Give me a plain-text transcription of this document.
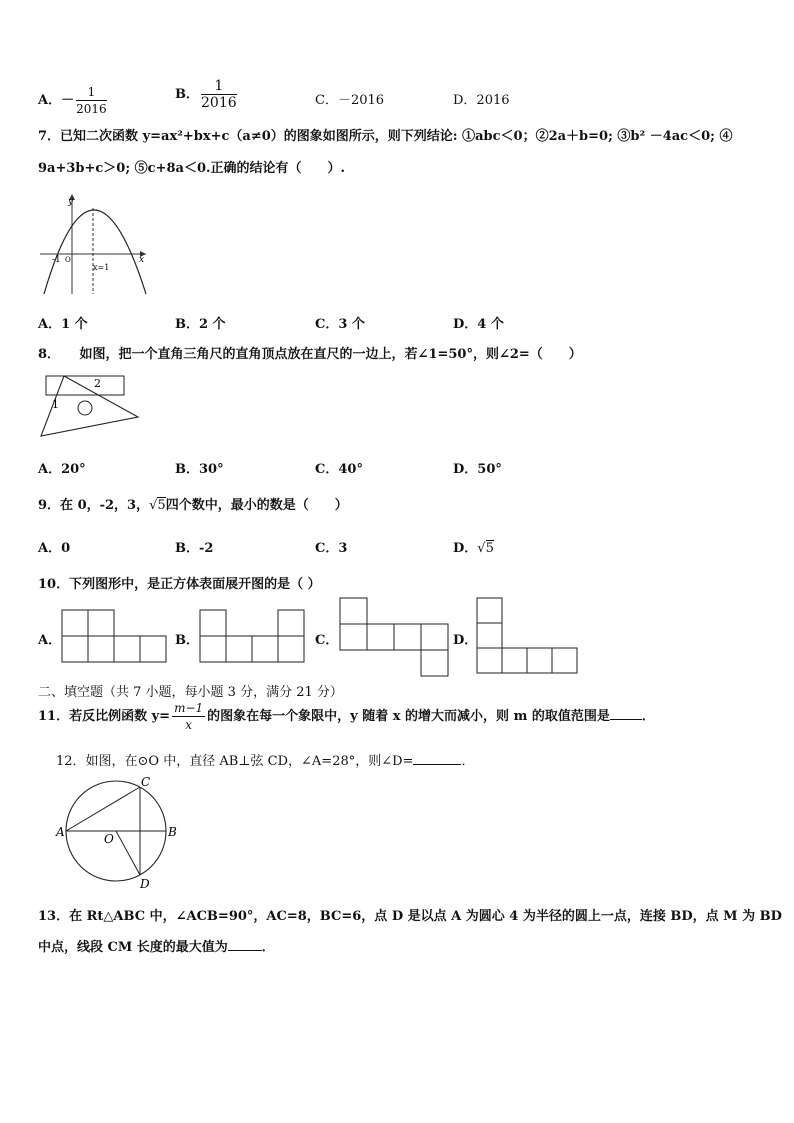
A．－ $\frac{1}{2016}$	B． $\frac{1}{2016}$	C．－2016	D．2016
7．已知二次函数 y=ax²+bx+c（a≠0）的图象如图所示，则下列结论: ①abc＜0；②2a＋b=0; ③b² －4ac＜0; ④
9a+3b+c＞0; ⑤c+8a＜0.正确的结论有（　　）.
y
x
-1 O
x=1
A．1 个	B．2 个	C．3 个	D．4 个
8．　　如图，把一个直角三角尺的直角顶点放在直尺的一边上，若∠1=50°，则∠2=（　　）
2
1
A．20°	B．30°	C．40°	D．50°
9．在 0，-2，3，√5四个数中，最小的数是（　　）
A．0	B．-2	C．3	D．√5
10．下列图形中，是正方体表面展开图的是（ ）
A．	B．	C．	D．
二、填空题（共 7 小题，每小题 3 分，满分 21 分）
11．若反比例函数 $y= \frac{m-1}{x}$ 的图象在每一个象限中，y 随着 x 的增大而减小，则 m 的取值范围是 ．
12．如图，在⊙O 中，直径 AB⊥弦 CD，∠A=28°，则∠D=	．
A	B
C
D
O
13．在 Rt△ABC 中，∠ACB=90°，AC=8，BC=6，点 D 是以点 A 为圆心 4 为半径的圆上一点，连接 BD，点 M 为 BD
中点，线段 CM 长度的最大值为	．
